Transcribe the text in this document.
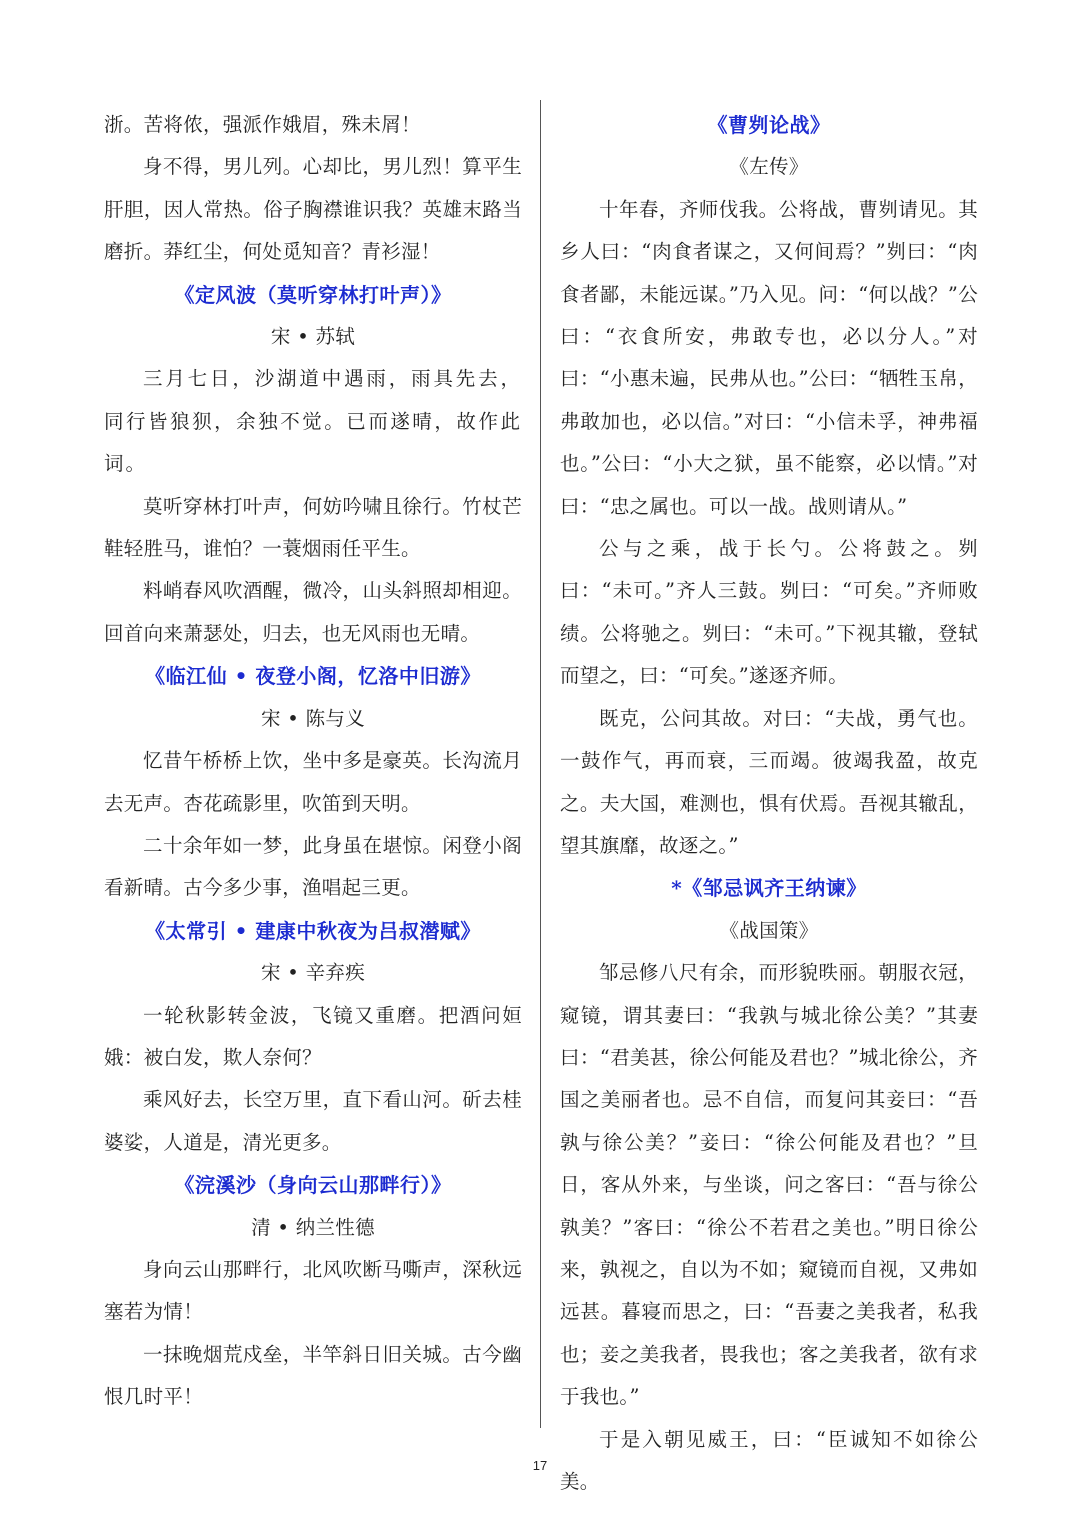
浙。苦将侬，强派作娥眉，殊未屑！

身不得，男儿列。心却比，男儿烈！算平生肝胆，因人常热。俗子胸襟谁识我？英雄末路当磨折。莽红尘，何处觅知音？青衫湿！

《定风波（莫听穿林打叶声）》

宋 • 苏轼

三月七日，沙湖道中遇雨，雨具先去，同行皆狼狈，余独不觉。已而遂晴，故作此词。

莫听穿林打叶声，何妨吟啸且徐行。竹杖芒鞋轻胜马，谁怕？一蓑烟雨任平生。

料峭春风吹酒醒，微冷，山头斜照却相迎。回首向来萧瑟处，归去，也无风雨也无晴。

《临江仙 • 夜登小阁，忆洛中旧游》

宋 • 陈与义

忆昔午桥桥上饮，坐中多是豪英。长沟流月去无声。杏花疏影里，吹笛到天明。

二十余年如一梦，此身虽在堪惊。闲登小阁看新晴。古今多少事，渔唱起三更。

《太常引 • 建康中秋夜为吕叔潜赋》

宋 • 辛弃疾

一轮秋影转金波，飞镜又重磨。把酒问姮娥：被白发，欺人奈何？

乘风好去，长空万里，直下看山河。斫去桂婆娑，人道是，清光更多。

《浣溪沙（身向云山那畔行）》

清 • 纳兰性德

身向云山那畔行，北风吹断马嘶声，深秋远塞若为情！

一抹晚烟荒戍垒，半竿斜日旧关城。古今幽恨几时平！

《曹刿论战》

《左传》

十年春，齐师伐我。公将战，曹刿请见。其乡人曰：“肉食者谋之，又何间焉？”刿曰：“肉食者鄙，未能远谋。”乃入见。问：“何以战？”公曰：“衣食所安，弗敢专也，必以分人。”对曰：“小惠未遍，民弗从也。”公曰：“牺牲玉帛，弗敢加也，必以信。”对曰：“小信未孚，神弗福也。”公曰：“小大之狱，虽不能察，必以情。”对曰：“忠之属也。可以一战。战则请从。”

公与之乘，战于长勺。公将鼓之。刿曰：“未可。”齐人三鼓。刿曰：“可矣。”齐师败绩。公将驰之。刿曰：“未可。”下视其辙，登轼而望之，曰：“可矣。”遂逐齐师。

既克，公问其故。对曰：“夫战，勇气也。一鼓作气，再而衰，三而竭。彼竭我盈，故克之。夫大国，难测也，惧有伏焉。吾视其辙乱，望其旗靡，故逐之。”

*《邹忌讽齐王纳谏》

《战国策》

邹忌修八尺有余，而形貌昳丽。朝服衣冠，窥镜，谓其妻曰：“我孰与城北徐公美？”其妻曰：“君美甚，徐公何能及君也？”城北徐公，齐国之美丽者也。忌不自信，而复问其妾曰：“吾孰与徐公美？”妾曰：“徐公何能及君也？”旦日，客从外来，与坐谈，问之客曰：“吾与徐公孰美？”客曰：“徐公不若君之美也。”明日徐公来，孰视之，自以为不如；窥镜而自视，又弗如远甚。暮寝而思之，曰：“吾妻之美我者，私我也；妾之美我者，畏我也；客之美我者，欲有求于我也。”

于是入朝见威王，曰：“臣诚知不如徐公美。

17
